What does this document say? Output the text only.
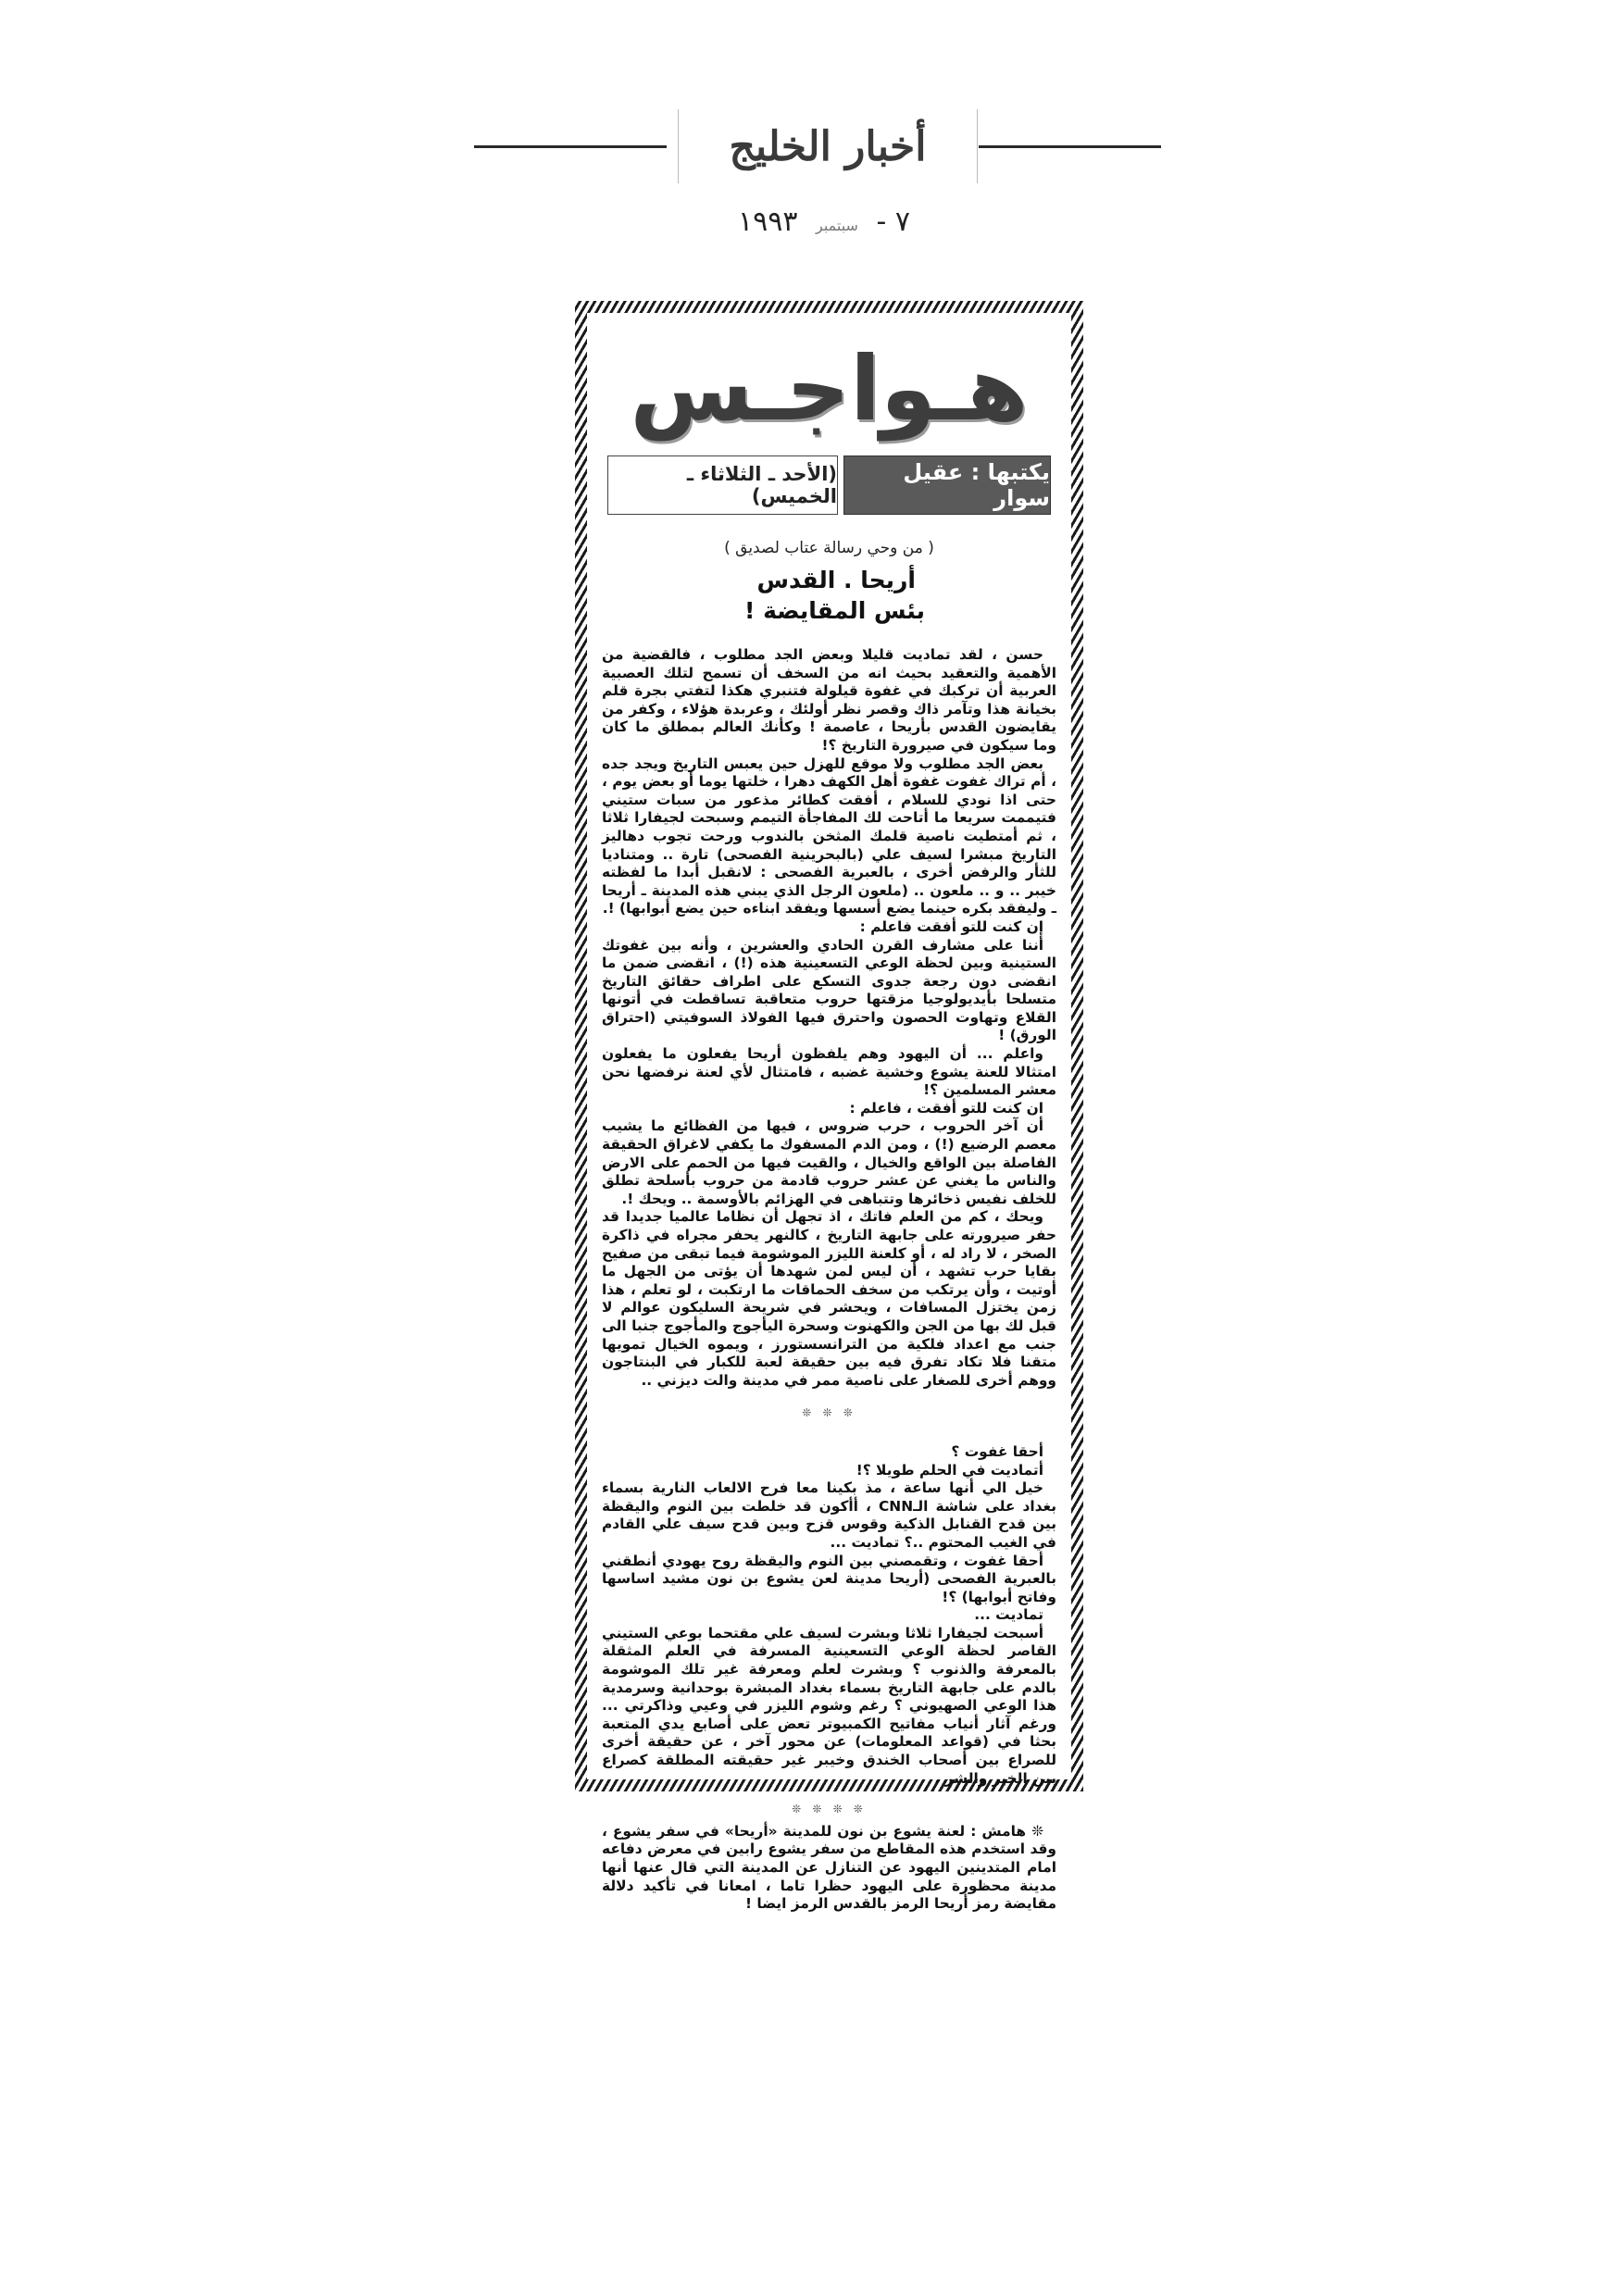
أخبار الخليج
٧ - سبتمبر ١٩٩٣
هـواجـس
يكتبها : عقيل سوار
(الأحد ـ الثلاثاء ـ الخميس)
( من وحي رسالة عتاب لصديق )
أريحا . القدس
بئس المقايضة !

حسن ، لقد تماديت قليلا وبعض الجد مطلوب ، فالقضية من الأهمية والتعقيد بحيث انه من السخف أن تسمح لتلك العصبية العربية أن تركبك في غفوة قيلولة فتنبري هكذا لتفتي بجرة قلم بخيانة هذا وتآمر ذاك وقصر نظر أولئك ، وعربدة هؤلاء ، وكفر من يقايضون القدس بأريحا ، عاصمة ! وكأنك العالم بمطلق ما كان وما سيكون في صيرورة التاريخ ؟!

بعض الجد مطلوب ولا موقع للهزل حين يعبس التاريخ ويجد جده ، أم تراك غفوت غفوة أهل الكهف دهرا ، خلتها يوما أو بعض يوم ، حتى اذا نودي للسلام ، أفقت كطائر مذعور من سبات ستيني فتيممت سريعا ما أتاحت لك المفاجأة التيمم وسبحت لجيفارا ثلاثا ، ثم أمتطيت ناصية قلمك المثخن بالندوب ورحت تجوب دهاليز التاريخ مبشرا لسيف علي (بالبحرينية الفصحى) تارة .. ومتناديا للثأر والرفض أخرى ، بالعبرية الفصحى : لانقبل أبدا ما لفظته خيبر .. و .. ملعون .. (ملعون الرجل الذي يبني هذه المدينة ـ أريحا ـ وليفقد بكره حينما يضع أسسها ويفقد ابناءه حين يضع أبوابها) !.

إن كنت للتو أفقت فاعلم :

أننا على مشارف القرن الحادي والعشرين ، وأنه بين غفوتك الستينية وبين لحظة الوعي التسعينية هذه (!) ، انقضى ضمن ما انقضى دون رجعة جدوى التسكع على اطراف حقائق التاريخ متسلحا بأيديولوجيا مزقتها حروب متعاقبة تساقطت في أتونها القلاع وتهاوت الحصون واحترق فيها الفولاذ السوفيتي (احتراق الورق) !

واعلم ... أن اليهود وهم يلفظون أريحا يفعلون ما يفعلون امتثالا للعنة يشوع وخشية غضبه ، فامتثال لأي لعنة نرفضها نحن معشر المسلمين ؟!

ان كنت للتو أفقت ، فاعلم :

أن آخر الحروب ، حرب ضروس ، فيها من الفظائع ما يشيب معصم الرضيع (!) ، ومن الدم المسفوك ما يكفي لاغراق الحقيقة الفاصلة بين الواقع والخيال ، والقيت فيها من الحمم على الارض والناس ما يغني عن عشر حروب قادمة من حروب بأسلحة تطلق للخلف نفيس ذخائرها وتتباهى في الهزائم بالأوسمة .. ويحك !.

ويحك ، كم من العلم فاتك ، اذ تجهل أن نظاما عالميا جديدا قد حفر صيرورته على جابهة التاريخ ، كالنهر يحفر مجراه في ذاكرة الصخر ، لا راد له ، أو كلعنة الليزر الموشومة فيما تبقى من صفيح بقايا حرب تشهد ، أن ليس لمن شهدها أن يؤتى من الجهل ما أوتيت ، وأن يرتكب من سخف الحماقات ما ارتكبت ، لو تعلم ، هذا زمن يختزل المسافات ، ويحشر في شريحة السليكون عوالم لا قبل لك بها من الجن والكهنوت وسحرة اليأجوج والمأجوج جنبا الى جنب مع اعداد فلكية من الترانسستورز ، ويموه الخيال تمويها متقنا فلا تكاد تفرق فيه بين حقيقة لعبة للكبار في البنتاجون ووهم أخرى للصغار على ناصية ممر في مدينة والت ديزني ..

❊ ❊ ❊

أحقا غفوت ؟

أتماديت في الحلم طويلا ؟!

خيل الي أنها ساعة ، مذ بكينا معا فرح الالعاب النارية بسماء بغداد على شاشة الـCNN ، أأكون قد خلطت بين النوم واليقظة بين قدح القنابل الذكية وقوس قزح وبين قدح سيف علي القادم في الغيب المحتوم ..؟ تماديت ...

أحقا غفوت ، وتقمصني بين النوم واليقظة روح يهودي أنطقني بالعبرية الفصحى (أريحا مدينة لعن يشوع بن نون مشيد اساسها وفاتح أبوابها) ؟!

تماديت ...

أسبحت لجيفارا ثلاثا وبشرت لسيف علي مقتحما بوعي الستيني القاصر لحظة الوعي التسعينية المسرفة في العلم المثقلة بالمعرفة والذنوب ؟ وبشرت لعلم ومعرفة غير تلك الموشومة بالدم على جابهة التاريخ بسماء بغداد المبشرة بوحدانية وسرمدية هذا الوعي الصهيوني ؟ رغم وشوم الليزر في وعيي وذاكرتي ... ورغم آثار أنياب مفاتيح الكمبيوتر تعض على أصابع يدي المتعبة بحثا في (قواعد المعلومات) عن محور آخر ، عن حقيقة أخرى للصراع بين أصحاب الخندق وخيبر غير حقيقته المطلقة كصراع بين الخير والشر .

❊ ❊ ❊ ❊

❊ هامش : لعنة يشوع بن نون للمدينة «أريحا» في سفر يشوع ، وقد استخدم هذه المقاطع من سفر يشوع رابين في معرض دفاعه امام المتدينين اليهود عن التنازل عن المدينة التي قال عنها أنها مدينة محظورة على اليهود حظرا تاما ، امعانا في تأكيد دلالة مقايضة رمز أريحا الرمز بالقدس الرمز ايضا !
